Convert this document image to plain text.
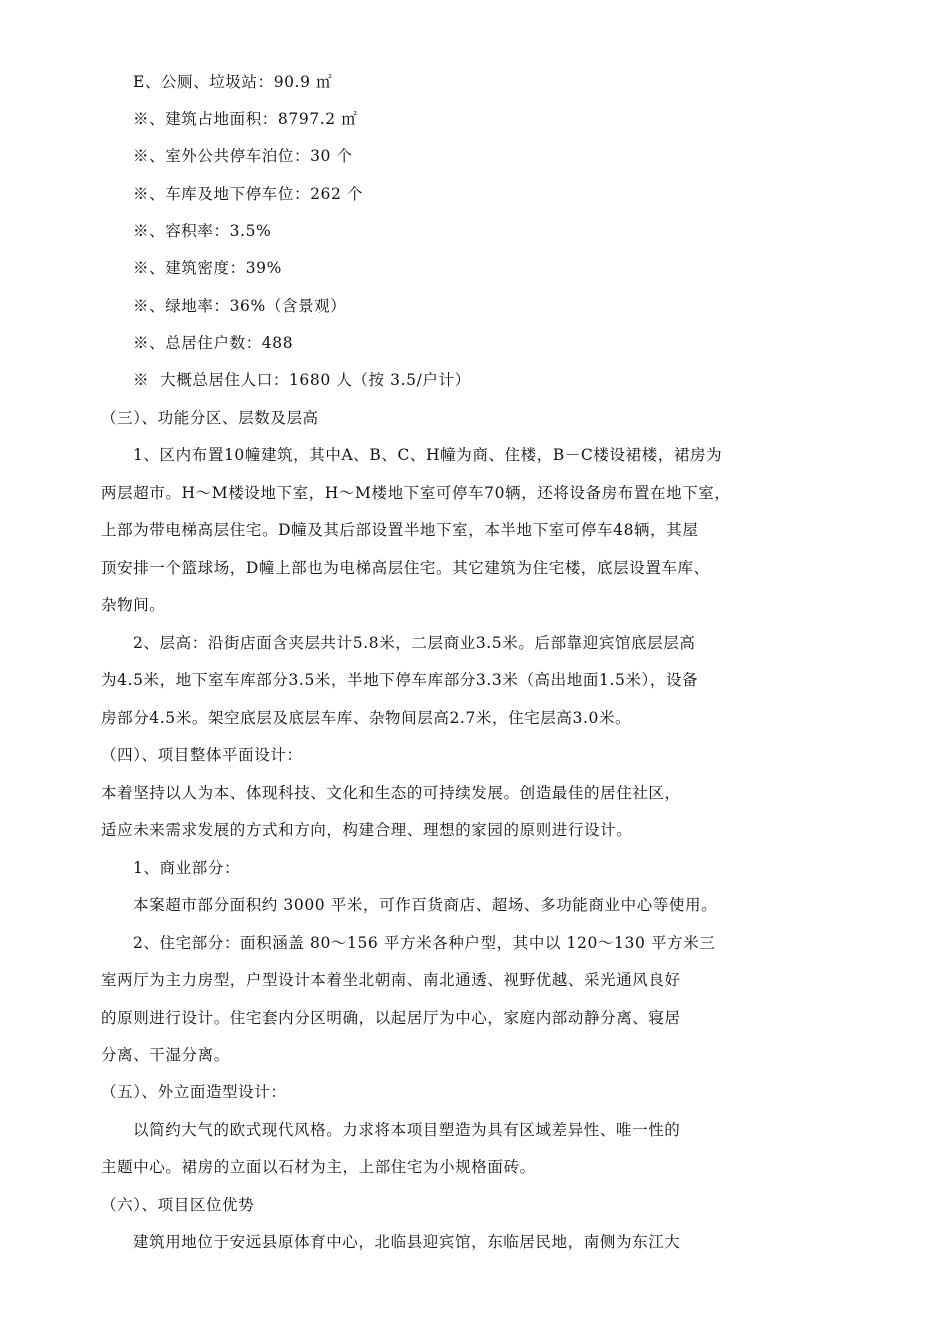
E、公厕、垃圾站：90.9 ㎡
※、建筑占地面积：8797.2 ㎡
※、室外公共停车泊位：30 个
※、车库及地下停车位：262 个
※、容积率：3.5%
※、建筑密度：39%
※、绿地率：36%（含景观）
※、总居住户数：488
※  大概总居住人口：1680 人（按 3.5/户计）
（三）、功能分区、层数及层高
1、区内布置10幢建筑，其中A、B、C、H幢为商、住楼，B－C楼设裙楼，裙房为
两层超市。H～M楼设地下室，H～M楼地下室可停车70辆，还将设备房布置在地下室，
上部为带电梯高层住宅。D幢及其后部设置半地下室，本半地下室可停车48辆，其屋
顶安排一个篮球场，D幢上部也为电梯高层住宅。其它建筑为住宅楼，底层设置车库、
杂物间。
2、层高：沿街店面含夹层共计5.8米，二层商业3.5米。后部靠迎宾馆底层层高
为4.5米，地下室车库部分3.5米，半地下停车库部分3.3米（高出地面1.5米），设备
房部分4.5米。架空底层及底层车库、杂物间层高2.7米，住宅层高3.0米。
（四）、项目整体平面设计：
本着坚持以人为本、体现科技、文化和生态的可持续发展。创造最佳的居住社区，
适应未来需求发展的方式和方向，构建合理、理想的家园的原则进行设计。
1、商业部分：
本案超市部分面积约 3000 平米，可作百货商店、超场、多功能商业中心等使用。
2、住宅部分：面积涵盖 80～156 平方米各种户型，其中以 120～130 平方米三
室两厅为主力房型，户型设计本着坐北朝南、南北通透、视野优越、采光通风良好
的原则进行设计。住宅套内分区明确，以起居厅为中心，家庭内部动静分离、寝居
分离、干湿分离。
（五）、外立面造型设计：
以简约大气的欧式现代风格。力求将本项目塑造为具有区域差异性、唯一性的
主题中心。裙房的立面以石材为主，上部住宅为小规格面砖。
（六）、项目区位优势
建筑用地位于安远县原体育中心，北临县迎宾馆，东临居民地，南侧为东江大
